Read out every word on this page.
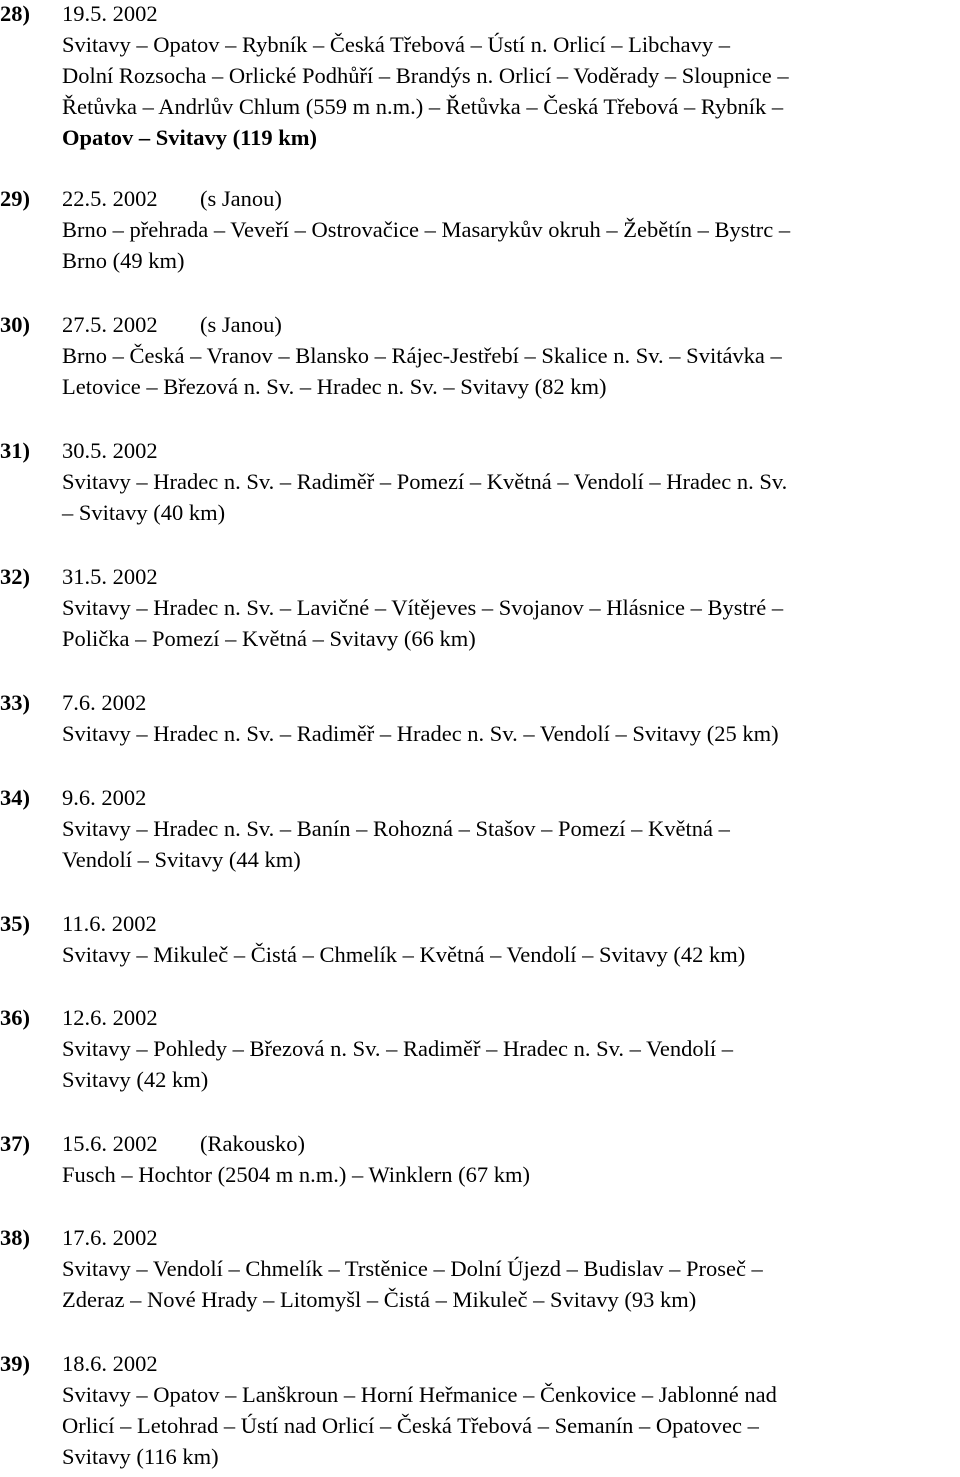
28) 19.5. 2002
Svitavy – Opatov – Rybník – Česká Třebová – Ústí n. Orlicí – Libchavy –
Dolní Rozsocha – Orlické Podhůří – Brandýs n. Orlicí – Voděrady – Sloupnice –
Řetůvka – Andrlův Chlum (559 m n.m.) – Řetůvka – Česká Třebová – Rybník –
Opatov – Svitavy (119 km)
29) 22.5. 2002 (s Janou)
Brno – přehrada – Veveří – Ostrovačice – Masarykův okruh – Žebětín – Bystrc –
Brno (49 km)
30) 27.5. 2002 (s Janou)
Brno – Česká – Vranov – Blansko – Rájec-Jestřebí – Skalice n. Sv. – Svitávka –
Letovice – Březová n. Sv. – Hradec n. Sv. – Svitavy (82 km)
31) 30.5. 2002
Svitavy – Hradec n. Sv. – Radiměř – Pomezí – Květná – Vendolí – Hradec n. Sv.
– Svitavy (40 km)
32) 31.5. 2002
Svitavy – Hradec n. Sv. – Lavičné – Vítějeves – Svojanov – Hlásnice – Bystré –
Polička – Pomezí – Květná – Svitavy (66 km)
33) 7.6. 2002
Svitavy – Hradec n. Sv. – Radiměř – Hradec n. Sv. – Vendolí – Svitavy (25 km)
34) 9.6. 2002
Svitavy – Hradec n. Sv. – Banín – Rohozná – Stašov – Pomezí – Květná –
Vendolí – Svitavy (44 km)
35) 11.6. 2002
Svitavy – Mikuleč – Čistá – Chmelík – Květná – Vendolí – Svitavy (42 km)
36) 12.6. 2002
Svitavy – Pohledy – Březová n. Sv. – Radiměř – Hradec n. Sv. – Vendolí –
Svitavy (42 km)
37) 15.6. 2002 (Rakousko)
Fusch – Hochtor (2504 m n.m.) – Winklern (67 km)
38) 17.6. 2002
Svitavy – Vendolí – Chmelík – Trstěnice – Dolní Újezd – Budislav – Proseč –
Zderaz – Nové Hrady – Litomyšl – Čistá – Mikuleč – Svitavy (93 km)
39) 18.6. 2002
Svitavy – Opatov – Lanškroun – Horní Heřmanice – Čenkovice – Jablonné nad
Orlicí – Letohrad – Ústí nad Orlicí – Česká Třebová – Semanín – Opatovec –
Svitavy (116 km)
